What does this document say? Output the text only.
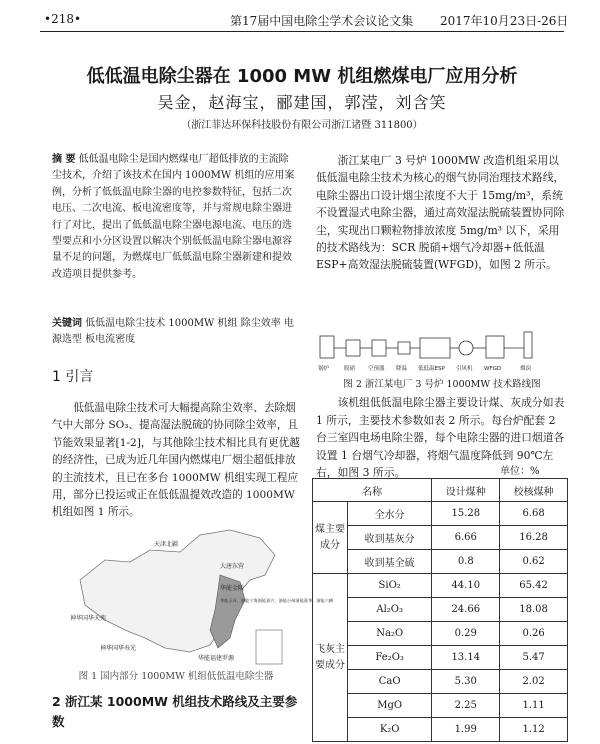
•218•	第17届中国电除尘学术会议论文集 2017年10月23日-26日
低低温电除尘器在 1000 MW 机组燃煤电厂应用分析
吴金，赵海宝，郦建国，郭滢，刘含笑
（浙江菲达环保科技股份有限公司浙江诸暨 311800）
摘 要 低低温电除尘是国内燃煤电厂超低排放的主流除尘技术，介绍了该技术在国内 1000MW 机组的应用案例，分析了低低温电除尘器的电控参数特征，包括二次电压、二次电流、板电流密度等，并与常规电除尘器进行了对比，提出了低低温电除尘器电源电流、电压的选型要点和小分区设置以解决个别低低温电除尘器电源容量不足的问题，为燃煤电厂低低温电除尘器新建和提效改造项目提供参考。
关键词 低低温电除尘技术 1000MW 机组 除尘效率 电源选型 板电流密度
1 引言
低低温电除尘技术可大幅提高除尘效率、去除烟气中大部分 SO₃、提高湿法脱硫的协同除尘效率，且节能效果显著[1-2]，与其他除尘技术相比具有更优越的经济性，已成为近几年国内燃煤电厂烟尘超低排放的主流技术，且已在多台 1000MW 机组实现工程应用，部分已投运或正在低低温提效改造的 1000MW 机组如图 1 所示。
天津北疆
大唐东营
华能金陵
华能玉环、浙能宁海浙能嘉兴、浙能台州浙能嘉华、浙能六横
神华国华天苑
神华国华寿光
华能福建罗源
图 1 国内部分 1000MW 机组低低温电除尘器
2 浙江某 1000MW 机组技术路线及主要参数
浙江某电厂 3 号炉 1000MW 改造机组采用以低低温电除尘技术为核心的烟气协同治理技术路线，电除尘器出口设计烟尘浓度不大于 15mg/m³，系统不设置湿式电除尘器，通过高效湿法脱硫装置协同除尘，实现出口颗粒物排放浓度 5mg/m³ 以下，采用的技术路线为：SCR 脱硝+烟气冷却器+低低温 ESP+高效湿法脱硫装置(WFGD)，如图 2 所示。
锅炉	脱硝 空预器 降温 低低温ESP 引风机 WFGD	烟囱
图 2 浙江某电厂 3 号炉 1000MW 技术路线图
该机组低低温电除尘器主要设计煤、灰成分如表 1 所示，主要技术参数如表 2 所示。每台炉配套 2 台三室四电场电除尘器，每个电除尘器的进口烟道各设置 1 台烟气冷却器，将烟气温度降低到 90℃左右，如图 3 所示。	单位：%
名称		设计煤种	校核煤种
煤主要成分	全水分	15.28	6.68
	收到基灰分	6.66	16.28
	收到基全硫	0.8	0.62
飞灰主要成分	SiO₂	44.10	65.42
	Al₂O₃	24.66	18.08
	Na₂O	0.29	0.26
	Fe₂O₃	13.14	5.47
	CaO	5.30	2.02
	MgO	2.25	1.11
	K₂O	1.99	1.12
